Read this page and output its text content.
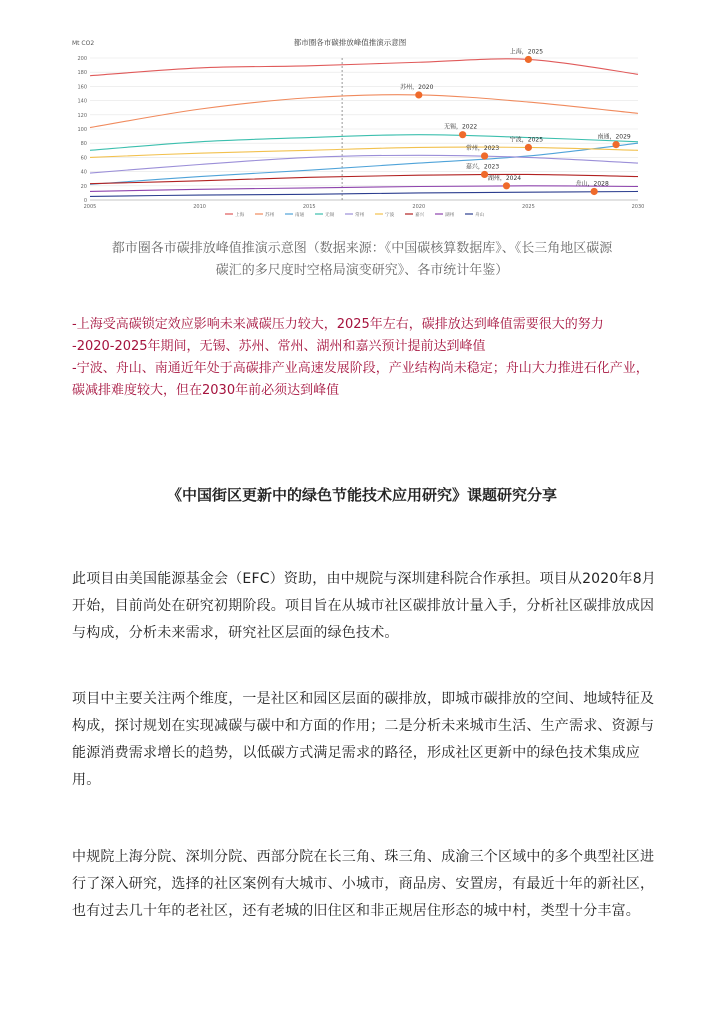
都市圈各市碳排放峰值推演示意图
Mt CO2
0
20
40
60
80
100
120
140
160
180
200
2005	2010	2015	2020	2025	2030
上海，2025
苏州，2020
无锡，2022
宁波，2025	南通，2029
常州，2023
嘉兴，2023
湖州，2024
舟山，2028
上海	苏州	南通	无锡	常州	宁波	嘉兴	湖州	舟山
都市圈各市碳排放峰值推演示意图（数据来源：《中国碳核算数据库》、《长三角地区碳源
碳汇的多尺度时空格局演变研究》、各市统计年鉴）
-上海受高碳锁定效应影响未来减碳压力较大，2025年左右，碳排放达到峰值需要很大的努力
-2020-2025年期间，无锡、苏州、常州、湖州和嘉兴预计提前达到峰值
-宁波、舟山、南通近年处于高碳排产业高速发展阶段，产业结构尚未稳定；舟山大力推进石化产业，碳减排难度较大，但在2030年前必须达到峰值
《中国街区更新中的绿色节能技术应用研究》课题研究分享
此项目由美国能源基金会（EFC）资助，由中规院与深圳建科院合作承担。项目从2020年8月开始，目前尚处在研究初期阶段。项目旨在从城市社区碳排放计量入手，分析社区碳排放成因与构成，分析未来需求，研究社区层面的绿色技术。
项目中主要关注两个维度，一是社区和园区层面的碳排放，即城市碳排放的空间、地域特征及构成，探讨规划在实现减碳与碳中和方面的作用；二是分析未来城市生活、生产需求、资源与能源消费需求增长的趋势，以低碳方式满足需求的路径，形成社区更新中的绿色技术集成应用。
中规院上海分院、深圳分院、西部分院在长三角、珠三角、成渝三个区域中的多个典型社区进行了深入研究，选择的社区案例有大城市、小城市，商品房、安置房，有最近十年的新社区，也有过去几十年的老社区，还有老城的旧住区和非正规居住形态的城中村，类型十分丰富。
